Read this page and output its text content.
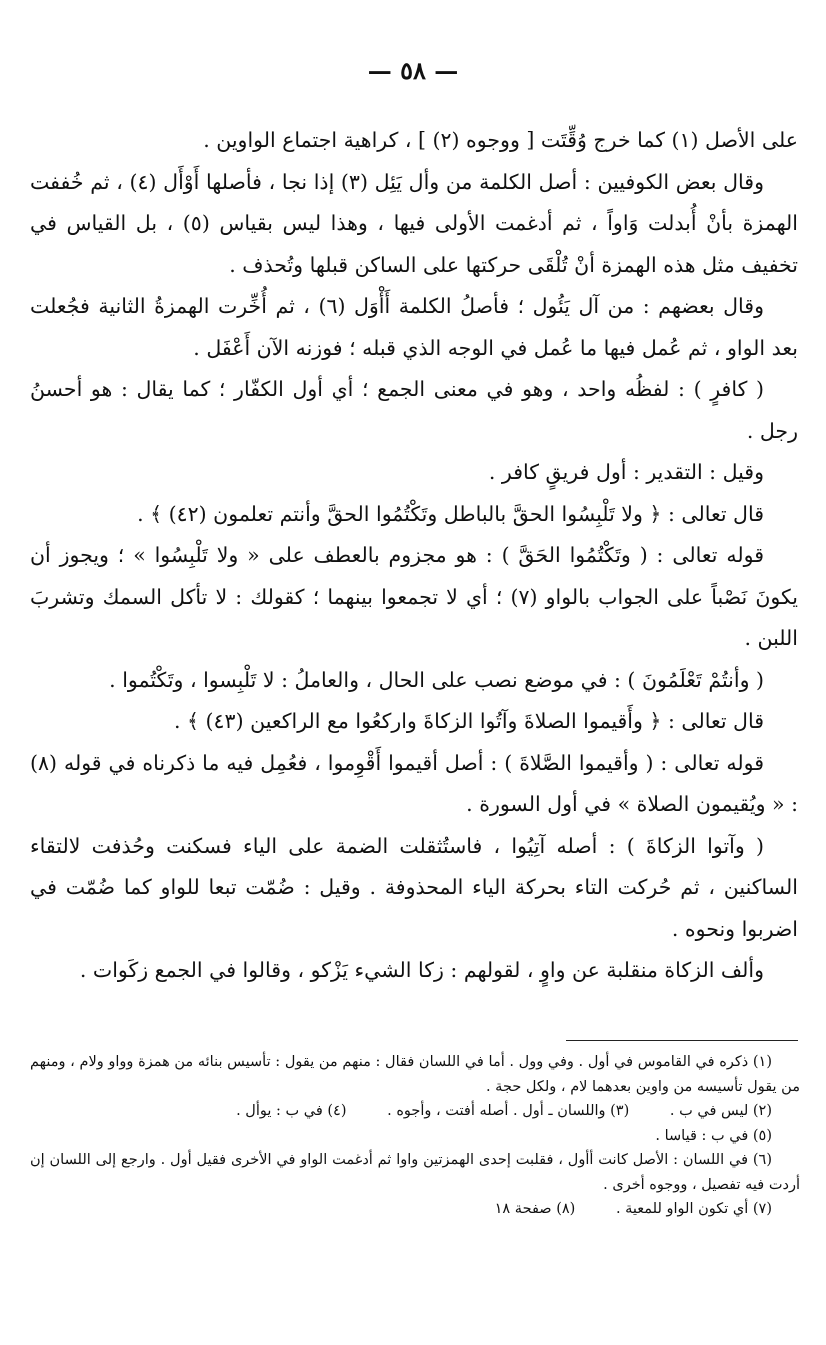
— ٥٨ —

على الأصل (١) كما خرج وُقِّتَت [ ووجوه (٢) ] ، كراهية اجتماع الواوين .

وقال بعض الكوفيين : أصل الكلمة من وأل يَئِل (٣) إذا نجا ، فأصلها أَوْأَل (٤) ، ثم خُففت الهمزة بأنْ أُبدلت وَاواً ، ثم أدغمت الأولى فيها ، وهذا ليس بقياس (٥) ، بل القياس في تخفيف مثل هذه الهمزة أنْ تُلْقَى حركتها على الساكن قبلها وتُحذف .

وقال بعضهم : من آل يَئُول ؛ فأصلُ الكلمة أَأْوَل (٦) ، ثم أُخِّرت الهمزةُ الثانية فجُعلت بعد الواو ، ثم عُمل فيها ما عُمل في الوجه الذي قبله ؛ فوزنه الآن أَعْفَل .

( كافرٍ ) : لفظُه واحد ، وهو في معنى الجمع ؛ أي أول الكفّار ؛ كما يقال : هو أحسنُ رجل .

وقيل : التقدير : أول فريقٍ كافر .

قال تعالى : ﴿ ولا تَلْبِسُوا الحقَّ بالباطل وتَكْتُمُوا الحقَّ وأنتم تعلمون (٤٢) ﴾ .

قوله تعالى : ( وتَكْتُمُوا الحَقَّ ) : هو مجزوم بالعطف على « ولا تَلْبِسُوا » ؛ ويجوز أن يكونَ نَصْباً على الجواب بالواو (٧) ؛ أي لا تجمعوا بينهما ؛ كقولك : لا تأكل السمك وتشربَ اللبن .

( وأنتُمْ تَعْلَمُونَ ) : في موضع نصب على الحال ، والعاملُ : لا تَلْبِسوا ، وتَكْتُموا .

قال تعالى : ﴿ وأَقيموا الصلاةَ وآتُوا الزكاةَ واركعُوا مع الراكعين (٤٣) ﴾ .

قوله تعالى : ( وأقيموا الصَّلاةَ ) : أصل أقيموا أَقْوِموا ، فعُمِل فيه ما ذكرناه في قوله (٨) : « ويُقيمون الصلاة » في أول السورة .

( وآتوا الزكاةَ ) : أصله آتِيُوا ، فاستُثقلت الضمة على الياء فسكنت وحُذفت لالتقاء الساكنين ، ثم حُركت التاء بحركة الياء المحذوفة . وقيل : ضُمّت تبعا للواو كما ضُمّت في اضربوا ونحوه .

وألف الزكاة منقلبة عن واوٍ ، لقولهم : زكا الشيء يَزْكو ، وقالوا في الجمع زكَوات .

(١) ذكره في القاموس في أول . وفي وول . أما في اللسان فقال : منهم من يقول : تأسيس بنائه من همزة وواو ولام ، ومنهم من يقول تأسيسه من واوين بعدهما لام ، ولكل حجة .

(٢) ليس في ب . (٣) واللسان ـ أول . أصله أفتت ، وأجوه . (٤) في ب : يوأل .

(٥) في ب : قياسا .

(٦) في اللسان : الأصل كانت أأول ، فقلبت إحدى الهمزتين واوا ثم أدغمت الواو في الأخرى فقيل أول . وارجع إلى اللسان إن أردت فيه تفصيل ، ووجوه أخرى .

(٧) أي تكون الواو للمعية . (٨) صفحة ١٨
